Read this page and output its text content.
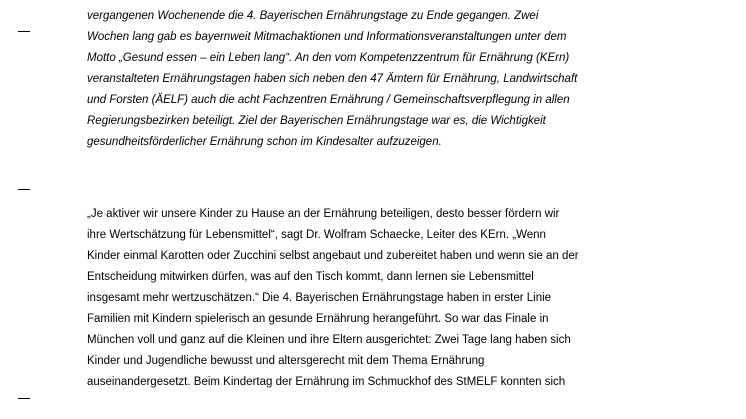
vergangenen Wochenende die 4. Bayerischen Ernährungstage zu Ende gegangen. Zwei
Wochen lang gab es bayernweit Mitmachaktionen und Informationsveranstaltungen unter dem
Motto „Gesund essen – ein Leben lang“. An den vom Kompetenzzentrum für Ernährung (KErn)
veranstalteten Ernährungstagen haben sich neben den 47 Ämtern für Ernährung, Landwirtschaft
und Forsten (ÄELF) auch die acht Fachzentren Ernährung / Gemeinschaftsverpflegung in allen
Regierungsbezirken beteiligt. Ziel der Bayerischen Ernährungstage war es, die Wichtigkeit
gesundheitsförderlicher Ernährung schon im Kindesalter aufzuzeigen.

„Je aktiver wir unsere Kinder zu Hause an der Ernährung beteiligen, desto besser fördern wir
ihre Wertschätzung für Lebensmittel“, sagt Dr. Wolfram Schaecke, Leiter des KErn. „Wenn
Kinder einmal Karotten oder Zucchini selbst angebaut und zubereitet haben und wenn sie an der
Entscheidung mitwirken dürfen, was auf den Tisch kommt, dann lernen sie Lebensmittel
insgesamt mehr wertzuschätzen.“ Die 4. Bayerischen Ernährungstage haben in erster Linie
Familien mit Kindern spielerisch an gesunde Ernährung herangeführt. So war das Finale in
München voll und ganz auf die Kleinen und ihre Eltern ausgerichtet: Zwei Tage lang haben sich
Kinder und Jugendliche bewusst und altersgerecht mit dem Thema Ernährung
auseinandergesetzt. Beim Kindertag der Ernährung im Schmuckhof des StMELF konnten sich
